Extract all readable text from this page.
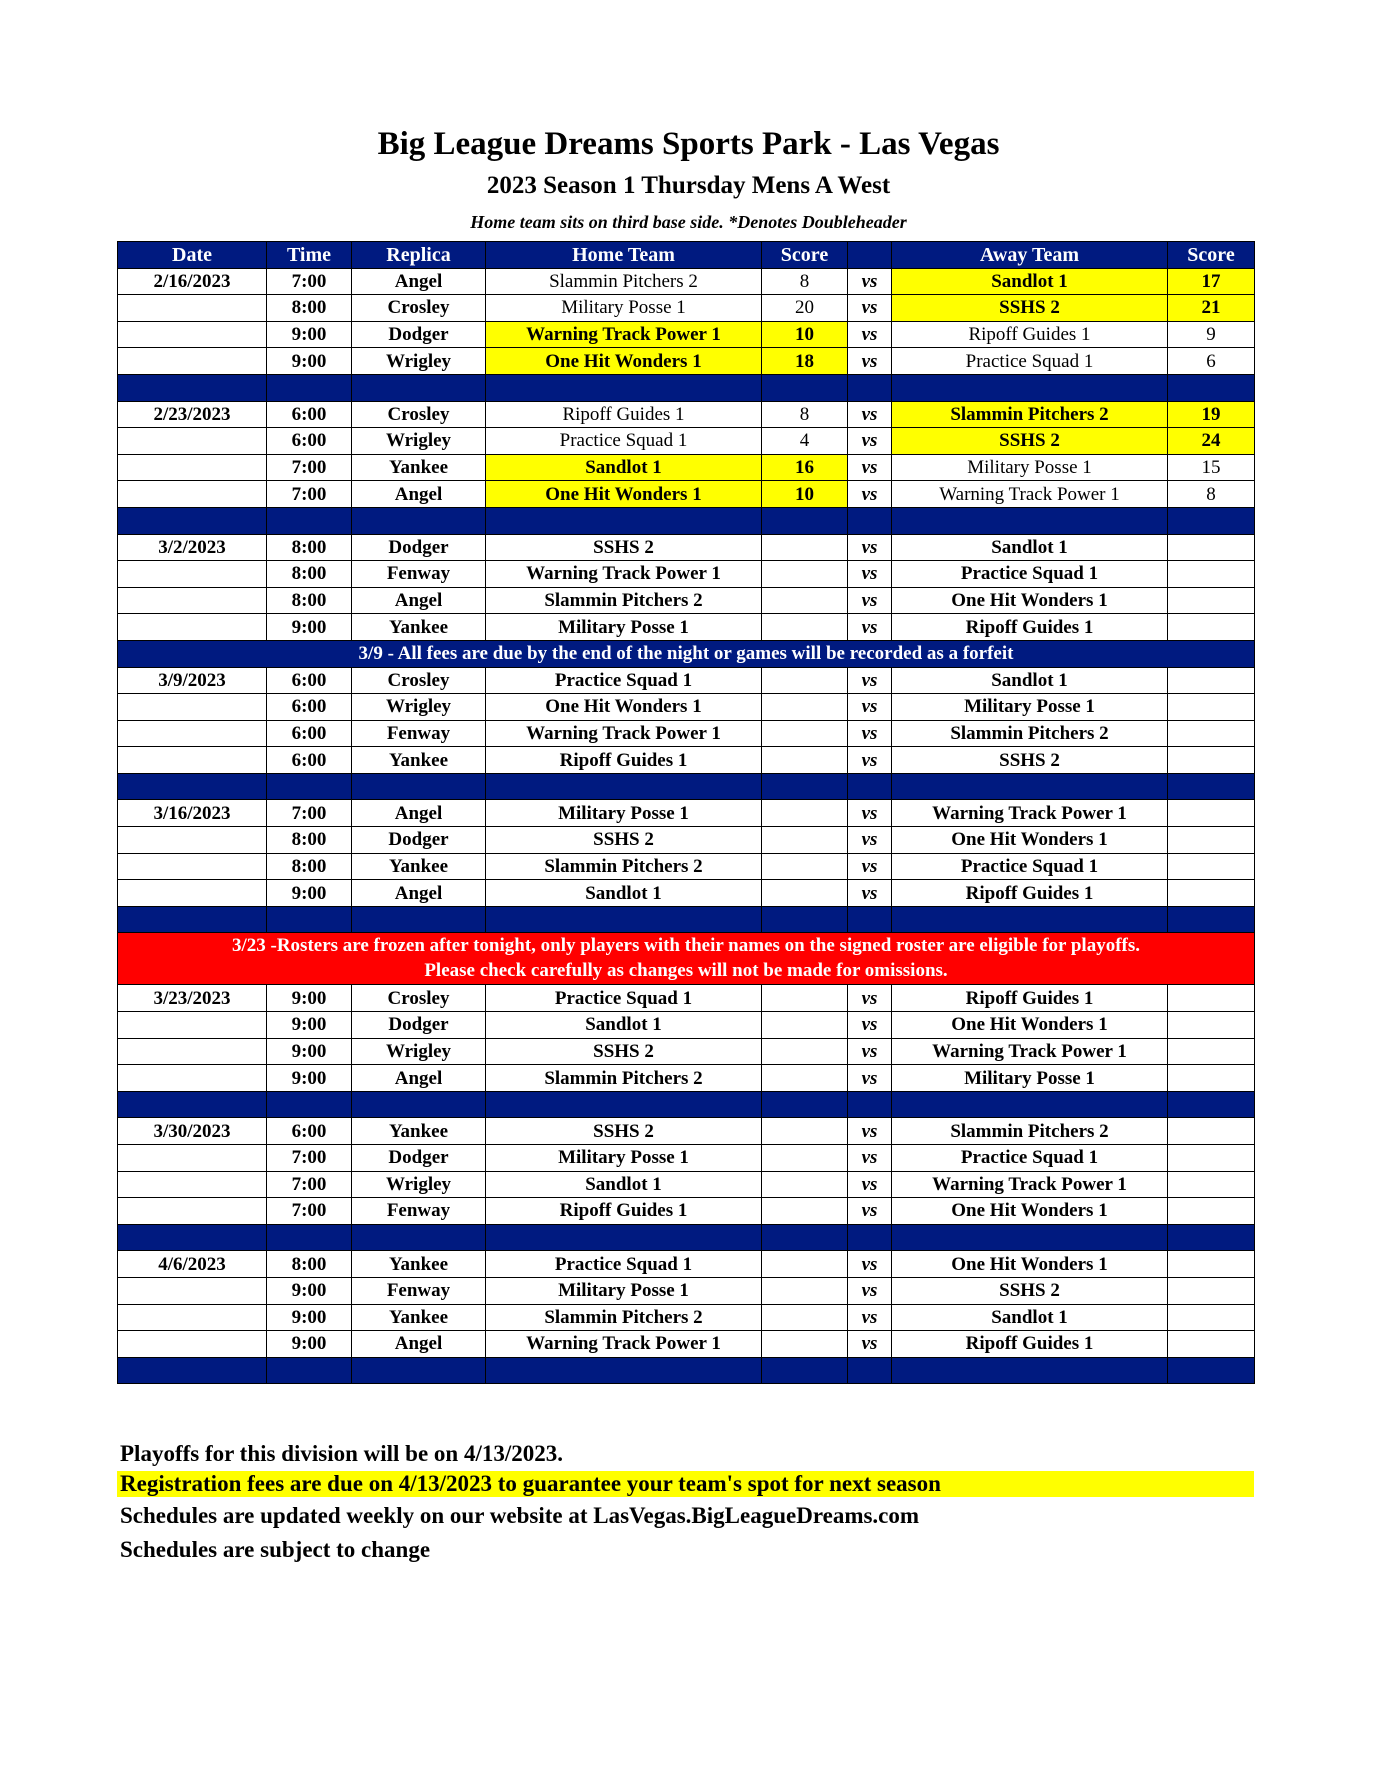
Big League Dreams Sports Park - Las Vegas
2023 Season 1 Thursday Mens A West
Home team sits on third base side. *Denotes Doubleheader
Date	Time	Replica	Home Team	Score		Away Team	Score
2/16/2023	7:00	Angel	Slammin Pitchers 2	8	vs	Sandlot 1	17
	8:00	Crosley	Military Posse 1	20	vs	SSHS 2	21
	9:00	Dodger	Warning Track Power 1	10	vs	Ripoff Guides 1	9
	9:00	Wrigley	One Hit Wonders 1	18	vs	Practice Squad 1	6

2/23/2023	6:00	Crosley	Ripoff Guides 1	8	vs	Slammin Pitchers 2	19
	6:00	Wrigley	Practice Squad 1	4	vs	SSHS 2	24
	7:00	Yankee	Sandlot 1	16	vs	Military Posse 1	15
	7:00	Angel	One Hit Wonders 1	10	vs	Warning Track Power 1	8

3/2/2023	8:00	Dodger	SSHS 2		vs	Sandlot 1	
	8:00	Fenway	Warning Track Power 1		vs	Practice Squad 1	
	8:00	Angel	Slammin Pitchers 2		vs	One Hit Wonders 1	
	9:00	Yankee	Military Posse 1		vs	Ripoff Guides 1	
3/9 - All fees are due by the end of the night or games will be recorded as a forfeit							
3/9/2023	6:00	Crosley	Practice Squad 1		vs	Sandlot 1	
	6:00	Wrigley	One Hit Wonders 1		vs	Military Posse 1	
	6:00	Fenway	Warning Track Power 1		vs	Slammin Pitchers 2	
	6:00	Yankee	Ripoff Guides 1		vs	SSHS 2	

3/16/2023	7:00	Angel	Military Posse 1		vs	Warning Track Power 1	
	8:00	Dodger	SSHS 2		vs	One Hit Wonders 1	
	8:00	Yankee	Slammin Pitchers 2		vs	Practice Squad 1	
	9:00	Angel	Sandlot 1		vs	Ripoff Guides 1	

3/23 -Rosters are frozen after tonight, only players with their names on the signed roster are eligible for playoffs.
Please check carefully as changes will not be made for omissions.							

3/23/2023	9:00	Crosley	Practice Squad 1		vs	Ripoff Guides 1	
	9:00	Dodger	Sandlot 1		vs	One Hit Wonders 1	
	9:00	Wrigley	SSHS 2		vs	Warning Track Power 1	
	9:00	Angel	Slammin Pitchers 2		vs	Military Posse 1	

3/30/2023	6:00	Yankee	SSHS 2		vs	Slammin Pitchers 2	
	7:00	Dodger	Military Posse 1		vs	Practice Squad 1	
	7:00	Wrigley	Sandlot 1		vs	Warning Track Power 1	
	7:00	Fenway	Ripoff Guides 1		vs	One Hit Wonders 1	

4/6/2023	8:00	Yankee	Practice Squad 1		vs	One Hit Wonders 1	
	9:00	Fenway	Military Posse 1		vs	SSHS 2	
	9:00	Yankee	Slammin Pitchers 2		vs	Sandlot 1	
	9:00	Angel	Warning Track Power 1		vs	Ripoff Guides 1	

Playoffs for this division will be on 4/13/2023.
Registration fees are due on 4/13/2023 to guarantee your team's spot for next season
Schedules are updated weekly on our website at LasVegas.BigLeagueDreams.com
Schedules are subject to change
